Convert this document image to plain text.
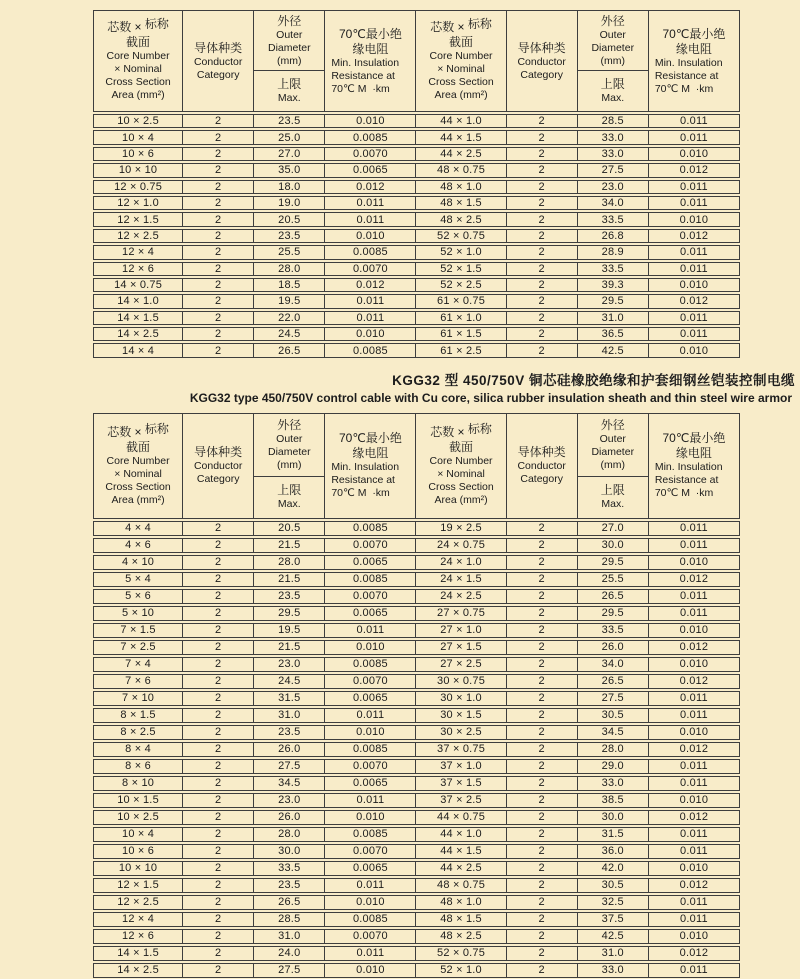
芯数 × 标称
截面
Core Number
× Nominal
Cross Section
Area (mm²)

导体种类
Conductor
Category

外径
Outer
Diameter
(mm)
上限
Max.

70℃最小绝
缘电阻
Min. Insulation
Resistance at
70℃ M  ·km

芯数 × 标称
截面
Core Number
× Nominal
Cross Section
Area (mm²)

导体种类
Conductor
Category

外径
Outer
Diameter
(mm)
上限
Max.

70℃最小绝
缘电阻
Min. Insulation
Resistance at
70℃ M  ·km

10 × 2.5	2	23.5	0.010	44 × 1.0	2	28.5	0.011
10 × 4	2	25.0	0.0085	44 × 1.5	2	33.0	0.011
10 × 6	2	27.0	0.0070	44 × 2.5	2	33.0	0.010
10 × 10	2	35.0	0.0065	48 × 0.75	2	27.5	0.012
12 × 0.75	2	18.0	0.012	48 × 1.0	2	23.0	0.011
12 × 1.0	2	19.0	0.011	48 × 1.5	2	34.0	0.011
12 × 1.5	2	20.5	0.011	48 × 2.5	2	33.5	0.010
12 × 2.5	2	23.5	0.010	52 × 0.75	2	26.8	0.012
12 × 4	2	25.5	0.0085	52 × 1.0	2	28.9	0.011
12 × 6	2	28.0	0.0070	52 × 1.5	2	33.5	0.011
14 × 0.75	2	18.5	0.012	52 × 2.5	2	39.3	0.010
14 × 1.0	2	19.5	0.011	61 × 0.75	2	29.5	0.012
14 × 1.5	2	22.0	0.011	61 × 1.0	2	31.0	0.011
14 × 2.5	2	24.5	0.010	61 × 1.5	2	36.5	0.011
14 × 4	2	26.5	0.0085	61 × 2.5	2	42.5	0.010
KGG32 型 450/750V 铜芯硅橡胶绝缘和护套细钢丝铠装控制电缆
KGG32 type 450/750V control cable with Cu core, silica rubber insulation sheath and thin steel wire armor
芯数 × 标称
截面
Core Number
× Nominal
Cross Section
Area (mm²)

导体种类
Conductor
Category

外径
Outer
Diameter
(mm)
上限
Max.

70℃最小绝
缘电阻
Min. Insulation
Resistance at
70℃ M  ·km

芯数 × 标称
截面
Core Number
× Nominal
Cross Section
Area (mm²)

导体种类
Conductor
Category

外径
Outer
Diameter
(mm)
上限
Max.

70℃最小绝
缘电阻
Min. Insulation
Resistance at
70℃ M  ·km

4 × 4	2	20.5	0.0085	19 × 2.5	2	27.0	0.011
4 × 6	2	21.5	0.0070	24 × 0.75	2	30.0	0.011
4 × 10	2	28.0	0.0065	24 × 1.0	2	29.5	0.010
5 × 4	2	21.5	0.0085	24 × 1.5	2	25.5	0.012
5 × 6	2	23.5	0.0070	24 × 2.5	2	26.5	0.011
5 × 10	2	29.5	0.0065	27 × 0.75	2	29.5	0.011
7 × 1.5	2	19.5	0.011	27 × 1.0	2	33.5	0.010
7 × 2.5	2	21.5	0.010	27 × 1.5	2	26.0	0.012
7 × 4	2	23.0	0.0085	27 × 2.5	2	34.0	0.010
7 × 6	2	24.5	0.0070	30 × 0.75	2	26.5	0.012
7 × 10	2	31.5	0.0065	30 × 1.0	2	27.5	0.011
8 × 1.5	2	31.0	0.011	30 × 1.5	2	30.5	0.011
8 × 2.5	2	23.5	0.010	30 × 2.5	2	34.5	0.010
8 × 4	2	26.0	0.0085	37 × 0.75	2	28.0	0.012
8 × 6	2	27.5	0.0070	37 × 1.0	2	29.0	0.011
8 × 10	2	34.5	0.0065	37 × 1.5	2	33.0	0.011
10 × 1.5	2	23.0	0.011	37 × 2.5	2	38.5	0.010
10 × 2.5	2	26.0	0.010	44 × 0.75	2	30.0	0.012
10 × 4	2	28.0	0.0085	44 × 1.0	2	31.5	0.011
10 × 6	2	30.0	0.0070	44 × 1.5	2	36.0	0.011
10 × 10	2	33.5	0.0065	44 × 2.5	2	42.0	0.010
12 × 1.5	2	23.5	0.011	48 × 0.75	2	30.5	0.012
12 × 2.5	2	26.5	0.010	48 × 1.0	2	32.5	0.011
12 × 4	2	28.5	0.0085	48 × 1.5	2	37.5	0.011
12 × 6	2	31.0	0.0070	48 × 2.5	2	42.5	0.010
14 × 1.5	2	24.0	0.011	52 × 0.75	2	31.0	0.012
14 × 2.5	2	27.5	0.010	52 × 1.0	2	33.0	0.011
